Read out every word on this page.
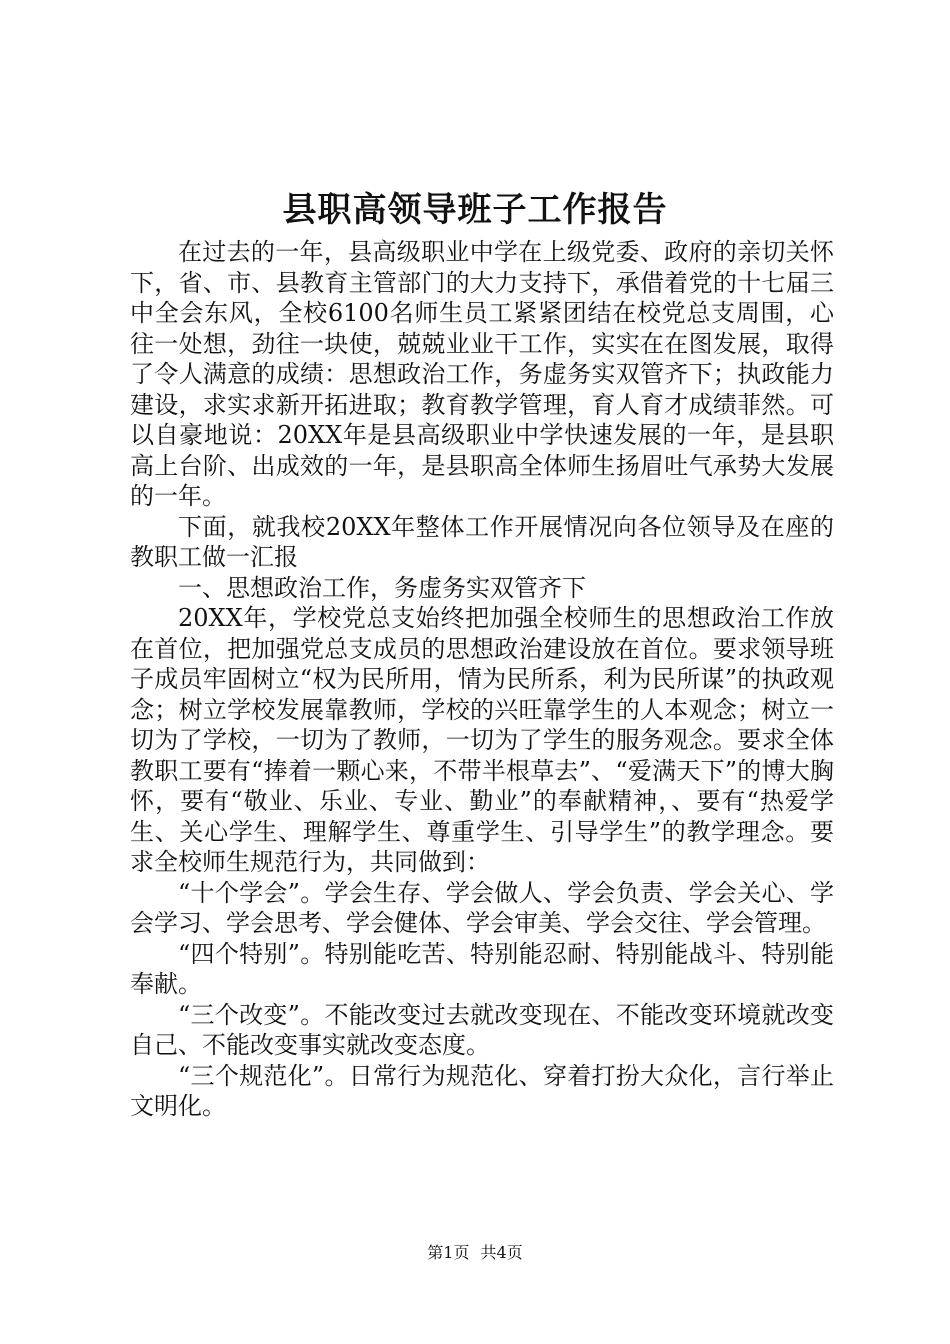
县职高领导班子工作报告

在过去的一年，县高级职业中学在上级党委、政府的亲切关怀下，省、市、县教育主管部门的大力支持下，承借着党的十七届三中全会东风，全校6100名师生员工紧紧团结在校党总支周围，心往一处想，劲往一块使，兢兢业业干工作，实实在在图发展，取得了令人满意的成绩：思想政治工作，务虚务实双管齐下；执政能力建设，求实求新开拓进取；教育教学管理，育人育才成绩菲然。可以自豪地说：20XX年是县高级职业中学快速发展的一年，是县职高上台阶、出成效的一年，是县职高全体师生扬眉吐气承势大发展的一年。

下面，就我校20XX年整体工作开展情况向各位领导及在座的教职工做一汇报

一、思想政治工作，务虚务实双管齐下

20XX年，学校党总支始终把加强全校师生的思想政治工作放在首位，把加强党总支成员的思想政治建设放在首位。要求领导班子成员牢固树立“权为民所用，情为民所系，利为民所谋”的执政观念；树立学校发展靠教师，学校的兴旺靠学生的人本观念；树立一切为了学校，一切为了教师，一切为了学生的服务观念。要求全体教职工要有“捧着一颗心来，不带半根草去”、“爱满天下”的博大胸怀，要有“敬业、乐业、专业、勤业”的奉献精神，、要有“热爱学生、关心学生、理解学生、尊重学生、引导学生”的教学理念。要求全校师生规范行为，共同做到：

“十个学会”。学会生存、学会做人、学会负责、学会关心、学会学习、学会思考、学会健体、学会审美、学会交往、学会管理。

“四个特别”。特别能吃苦、特别能忍耐、特别能战斗、特别能奉献。

“三个改变”。不能改变过去就改变现在、不能改变环境就改变自己、不能改变事实就改变态度。

“三个规范化”。日常行为规范化、穿着打扮大众化，言行举止文明化。

第1页 共4页
